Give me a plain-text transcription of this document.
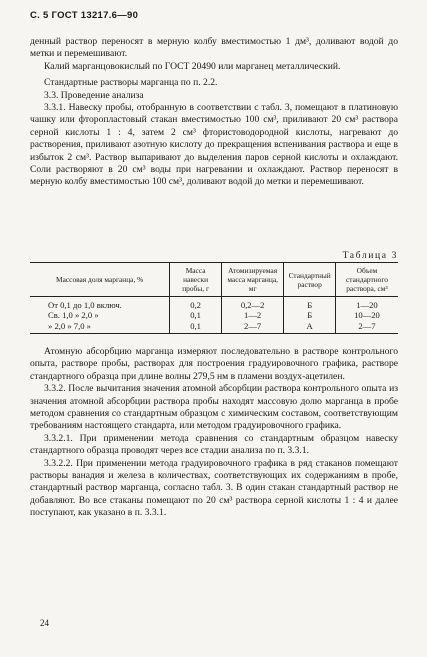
С. 5 ГОСТ 13217.6—90

денный раствор переносят в мерную колбу вместимостью 1 дм³, доливают водой до метки и перемешивают.

Калий марганцовокислый по ГОСТ 20490 или марганец металлический.

Стандартные растворы марганца по п. 2.2.

3.3. Проведение анализа

3.3.1. Навеску пробы, отобранную в соответствии с табл. 3, помещают в платиновую чашку или фторопластовый стакан вместимостью 100 см³, приливают 20 см³ раствора серной кислоты 1 : 4, затем 2 см³ фтористоводородной кислоты, нагревают до растворения, приливают азотную кислоту до прекращения вспенивания раствора и еще в избыток 2 см³. Раствор выпаривают до выделения паров серной кислоты и охлаждают. Соли растворяют в 20 см³ воды при нагревании и охлаждают. Раствор переносят в мерную колбу вместимостью 100 см³, доливают водой до метки и перемешивают.

Таблица 3
Массовая доля марганца, %	Масса навески пробы, г	Атомизируемая масса марганца, мг	Стандартный раствор	Объем стандартного раствора, см³
От 0,1 до 1,0 включ.	0,2	0,2—2	Б	1—20
Св. 1,0 » 2,0 »	0,1	1—2	Б	10—20
» 2,0 » 7,0 »	0,1	2—7	А	2—7

Атомную абсорбцию марганца измеряют последовательно в растворе контрольного опыта, растворе пробы, растворах для построения градуировочного графика, растворе стандартного образца при длине волны 279,5 нм в пламени воздух-ацетилен.

3.3.2. После вычитания значения атомной абсорбции раствора контрольного опыта из значения атомной абсорбции раствора пробы находят массовую долю марганца в пробе методом сравнения со стандартным образцом с химическим составом, соответствующим требованиям настоящего стандарта, или методом градуировочного графика.

3.3.2.1. При применении метода сравнения со стандартным образцом навеску стандартного образца проводят через все стадии анализа по п. 3.3.1.

3.3.2.2. При применении метода градуировочного графика в ряд стаканов помещают растворы ванадия и железа в количествах, соответствующих их содержаниям в пробе, стандартный раствор марганца, согласно табл. 3. В один стакан стандартный раствор не добавляют. Во все стаканы помещают по 20 см³ раствора серной кислоты 1 : 4 и далее поступают, как указано в п. 3.3.1.

24
